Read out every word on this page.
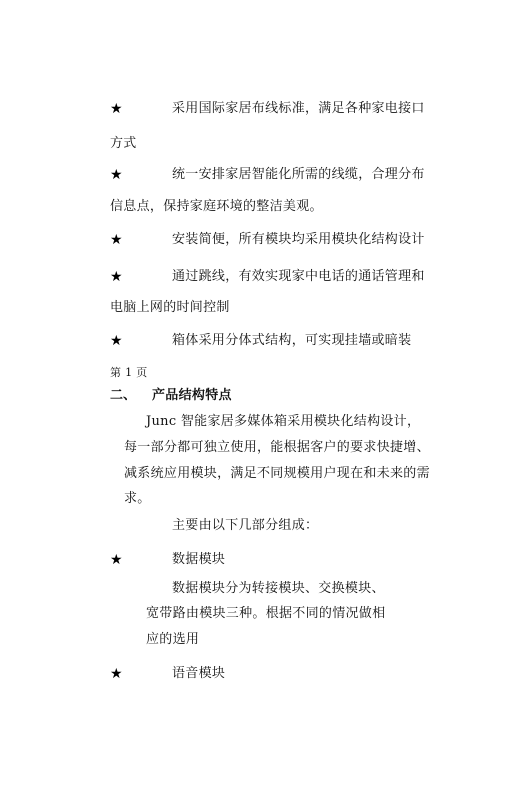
★	采用国际家居布线标准，满足各种家电接口
方式
★	统一安排家居智能化所需的线缆，合理分布
信息点，保持家庭环境的整洁美观。
★	安装简便，所有模块均采用模块化结构设计
★	通过跳线，有效实现家中电话的通话管理和
电脑上网的时间控制
★	箱体采用分体式结构，可实现挂墙或暗装
第 1 页
二、 产品结构特点
Junc 智能家居多媒体箱采用模块化结构设计，
每一部分都可独立使用，能根据客户的要求快捷增、
减系统应用模块，满足不同规模用户现在和未来的需
求。
主要由以下几部分组成：
★	数据模块
数据模块分为转接模块、交换模块、
宽带路由模块三种。根据不同的情况做相
应的选用
★	语音模块
